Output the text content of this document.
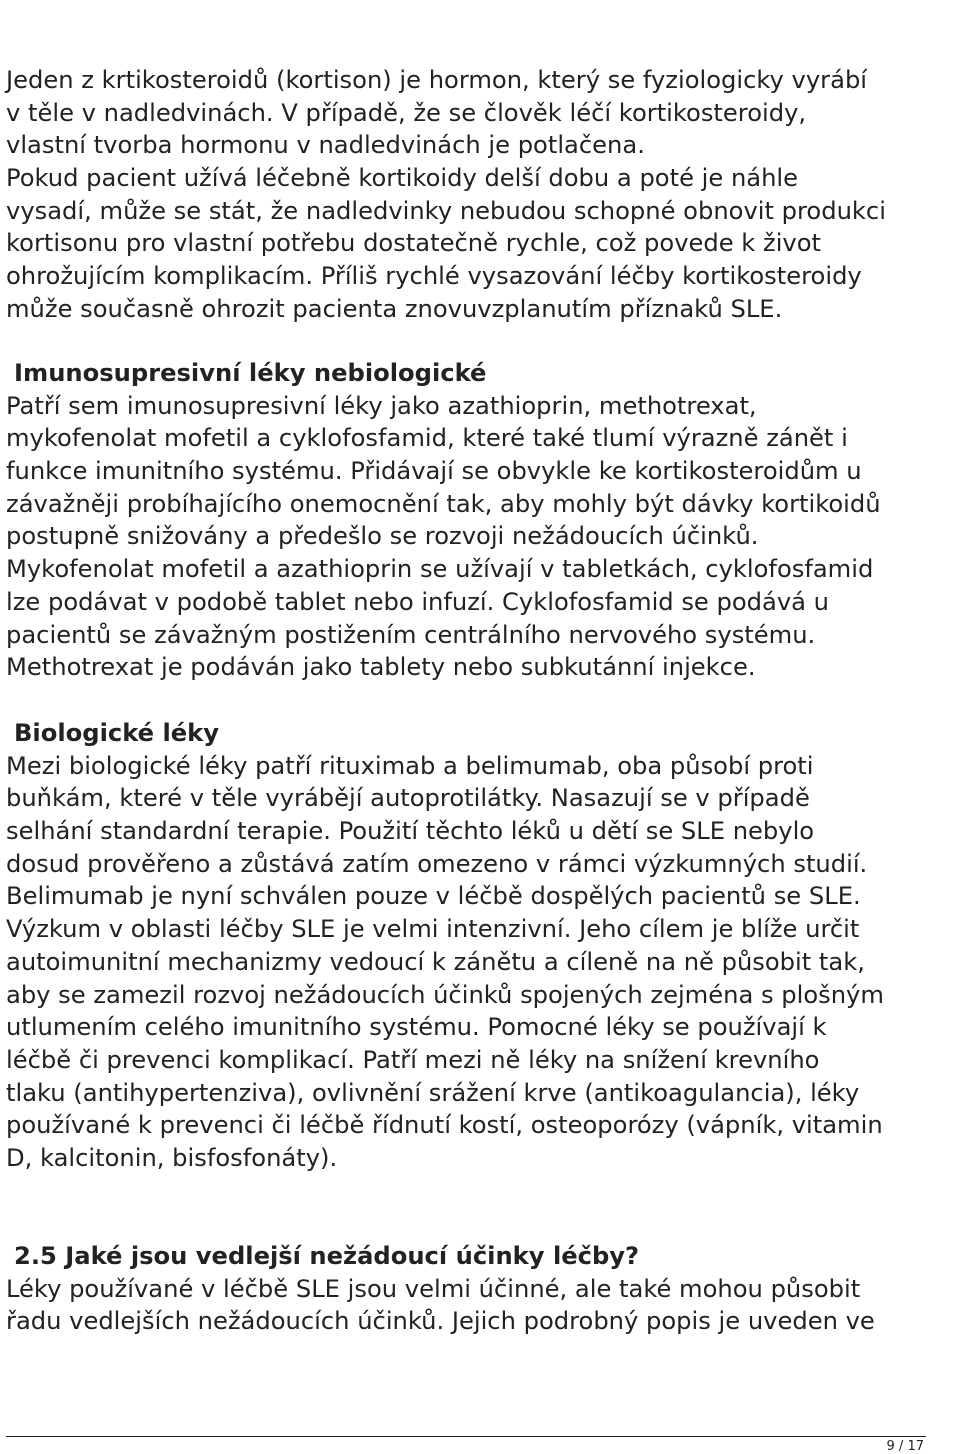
Jeden z krtikosteroidů (kortison) je hormon, který se fyziologicky vyrábí
v těle v nadledvinách. V případě, že se člověk léčí kortikosteroidy,
vlastní tvorba hormonu v nadledvinách je potlačena.
Pokud pacient užívá léčebně kortikoidy delší dobu a poté je náhle
vysadí, může se stát, že nadledvinky nebudou schopné obnovit produkci
kortisonu pro vlastní potřebu dostatečně rychle, což povede k život
ohrožujícím komplikacím. Příliš rychlé vysazování léčby kortikosteroidy
může současně ohrozit pacienta znovuvzplanutím příznaků SLE.
Imunosupresivní léky nebiologické
Patří sem imunosupresivní léky jako azathioprin, methotrexat,
mykofenolat mofetil a cyklofosfamid, které také tlumí výrazně zánět i
funkce imunitního systému. Přidávají se obvykle ke kortikosteroidům u
závažněji probíhajícího onemocnění tak, aby mohly být dávky kortikoidů
postupně snižovány a předešlo se rozvoji nežádoucích účinků.
Mykofenolat mofetil a azathioprin se užívají v tabletkách, cyklofosfamid
lze podávat v podobě tablet nebo infuzí. Cyklofosfamid se podává u
pacientů se závažným postižením centrálního nervového systému.
Methotrexat je podáván jako tablety nebo subkutánní injekce.
Biologické léky
Mezi biologické léky patří rituximab a belimumab, oba působí proti
buňkám, které v těle vyrábějí autoprotilátky. Nasazují se v případě
selhání standardní terapie. Použití těchto léků u dětí se SLE nebylo
dosud prověřeno a zůstává zatím omezeno v rámci výzkumných studií.
Belimumab je nyní schválen pouze v léčbě dospělých pacientů se SLE.
Výzkum v oblasti léčby SLE je velmi intenzivní. Jeho cílem je blíže určit
autoimunitní mechanizmy vedoucí k zánětu a cíleně na ně působit tak,
aby se zamezil rozvoj nežádoucích účinků spojených zejména s plošným
utlumením celého imunitního systému. Pomocné léky se používají k
léčbě či prevenci komplikací. Patří mezi ně léky na snížení krevního
tlaku (antihypertenziva), ovlivnění srážení krve (antikoagulancia), léky
používané k prevenci či léčbě řídnutí kostí, osteoporózy (vápník, vitamin
D, kalcitonin, bisfosfonáty).
2.5 Jaké jsou vedlejší nežádoucí účinky léčby?
Léky používané v léčbě SLE jsou velmi účinné, ale také mohou působit
řadu vedlejších nežádoucích účinků. Jejich podrobný popis je uveden ve
9 / 17
